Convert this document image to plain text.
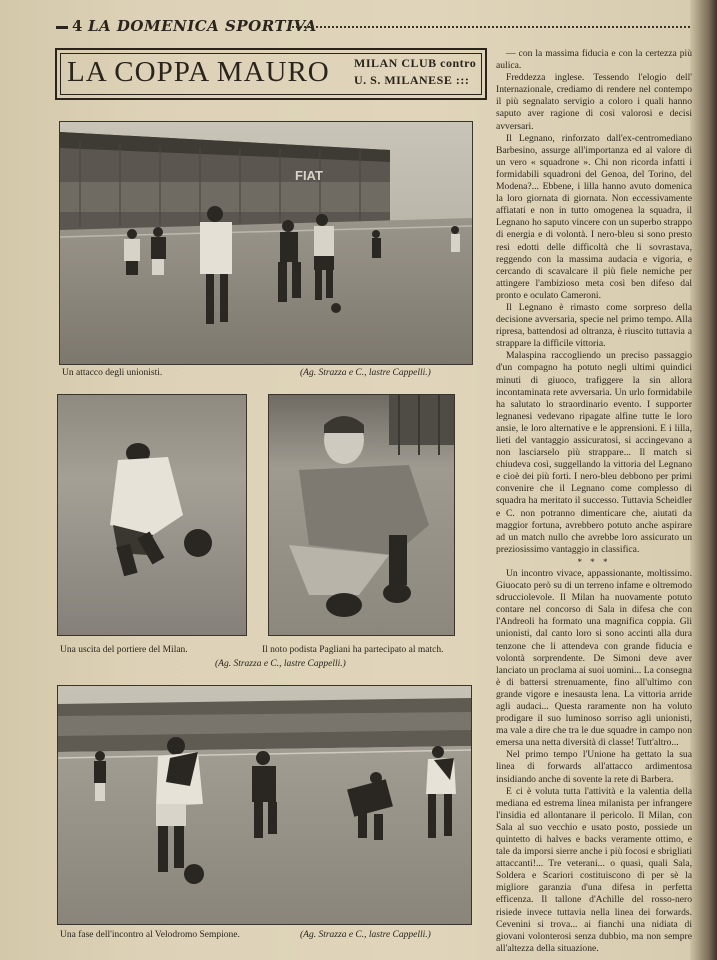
4 LA DOMENICA SPORTIVA
LA COPPA MAURO MILAN CLUB contro
U. S. MILANESE :::
FIAT
Un attacco degli unionisti.	(Ag. Strazza e C., lastre Cappelli.)
Una uscita del portiere del Milan.	Il noto podista Pagliani ha partecipato al match.
(Ag. Strazza e C., lastre Cappelli.)
Una fase dell'incontro al Velodromo Sempione.	(Ag. Strazza e C., lastre Cappelli.)

— con la massima fiducia e con la certezza più aulica.

Freddezza inglese. Tessendo l'elogio dell' Internazionale, crediamo di rendere nel contempo il più segnalato servigio a coloro i quali hanno saputo aver ragione di così valorosi e decisi avversari.

Il Legnano, rinforzato dall'ex-centromediano Barbesino, assurge all'importanza ed al valore di un vero « squadrone ». Chi non ricorda infatti i formidabili squadroni del Genoa, del Torino, del Modena?... Ebbene, i lilla hanno avuto domenica la loro giornata di giornata. Non eccessivamente affiatati e non in tutto omogenea la squadra, il Legnano ho saputo vincere con un superbo strappo di energia e di volontà. I nero-bleu si sono presto resi edotti delle difficoltà che li sovrastava, reggendo con la massima audacia e vigoria, e cercando di scavalcare il più fiele nemiche per attingere l'ambizioso meta così ben difeso dal pronto e oculato Cameroni.

Il Legnano è rimasto come sorpreso della decisione avversaria, specie nel primo tempo. Alla ripresa, battendosi ad oltranza, è riuscito tuttavia a strappare la difficile vittoria.

Malaspina raccogliendo un preciso passaggio d'un compagno ha potuto negli ultimi quindici minuti di giuoco, trafiggere la sin allora incontaminata rete avversaria. Un urlo formidabile ha salutato lo straordinario evento. I supporter legnanesi vedevano ripagate alfine tutte le loro ansie, le loro alternative e le apprensioni. E i lilla, lieti del vantaggio assicuratosi, si accingevano a non lasciarselo più strappare... Il match si chiudeva così, suggellando la vittoria del Legnano e cioè dei più forti. I nero-bleu debbono per primi convenire che il Legnano come complesso di squadra ha meritato il successo. Tuttavia Scheidler e C. non potranno dimenticare che, aiutati da maggior fortuna, avrebbero potuto anche aspirare ad un match nullo che avrebbe loro assicurato un preziosissimo vantaggio in classifica.

* * *

Un incontro vivace, appassionante, moltissimo. Giuocato però su di un terreno infame e oltremodo sdrucciolevole. Il Milan ha nuovamente potuto contare nel concorso di Sala in difesa che con l'Andreoli ha formato una magnifica coppia. Gli unionisti, dal canto loro si sono accinti alla dura tenzone che li attendeva con grande fiducia e volontà sorprendente. De Simoni deve aver lanciato un proclama ai suoi uomini... La consegna è di battersi strenuamente, fino all'ultimo con grande vigore e inesausta lena. La vittoria arride agli audaci... Questa raramente non ha voluto prodigare il suo luminoso sorriso agli unionisti, ma vale a dire che tra le due squadre in campo non emersa una netta diversità di classe! Tutt'altro...

Nel primo tempo l'Unione ha gettato la sua linea di forwards all'attacco ardimentosa insidiando anche di sovente la rete di Barbera.

E ci è voluta tutta l'attività e la valentia della mediana ed estrema linea milanista per infrangere l'insidia ed allontanare il pericolo. Il Milan, con Sala al suo vecchio e usato posto, possiede un quintetto di halves e backs veramente ottimo, e tale da imporsi sierre anche i più focosi e sbrigliati attaccanti!... Tre veterani... o quasi, quali Sala, Soldera e Scariori costituiscono di per sè la migliore garanzia d'una difesa in perfetta efficenza. Il tallone d'Achille del rosso-nero risiede invece tuttavia nella linea dei forwards. Cevenini si trova... ai fianchi una nidiata di giovani volonterosi senza dubbio, ma non sempre all'altezza della situazione.
